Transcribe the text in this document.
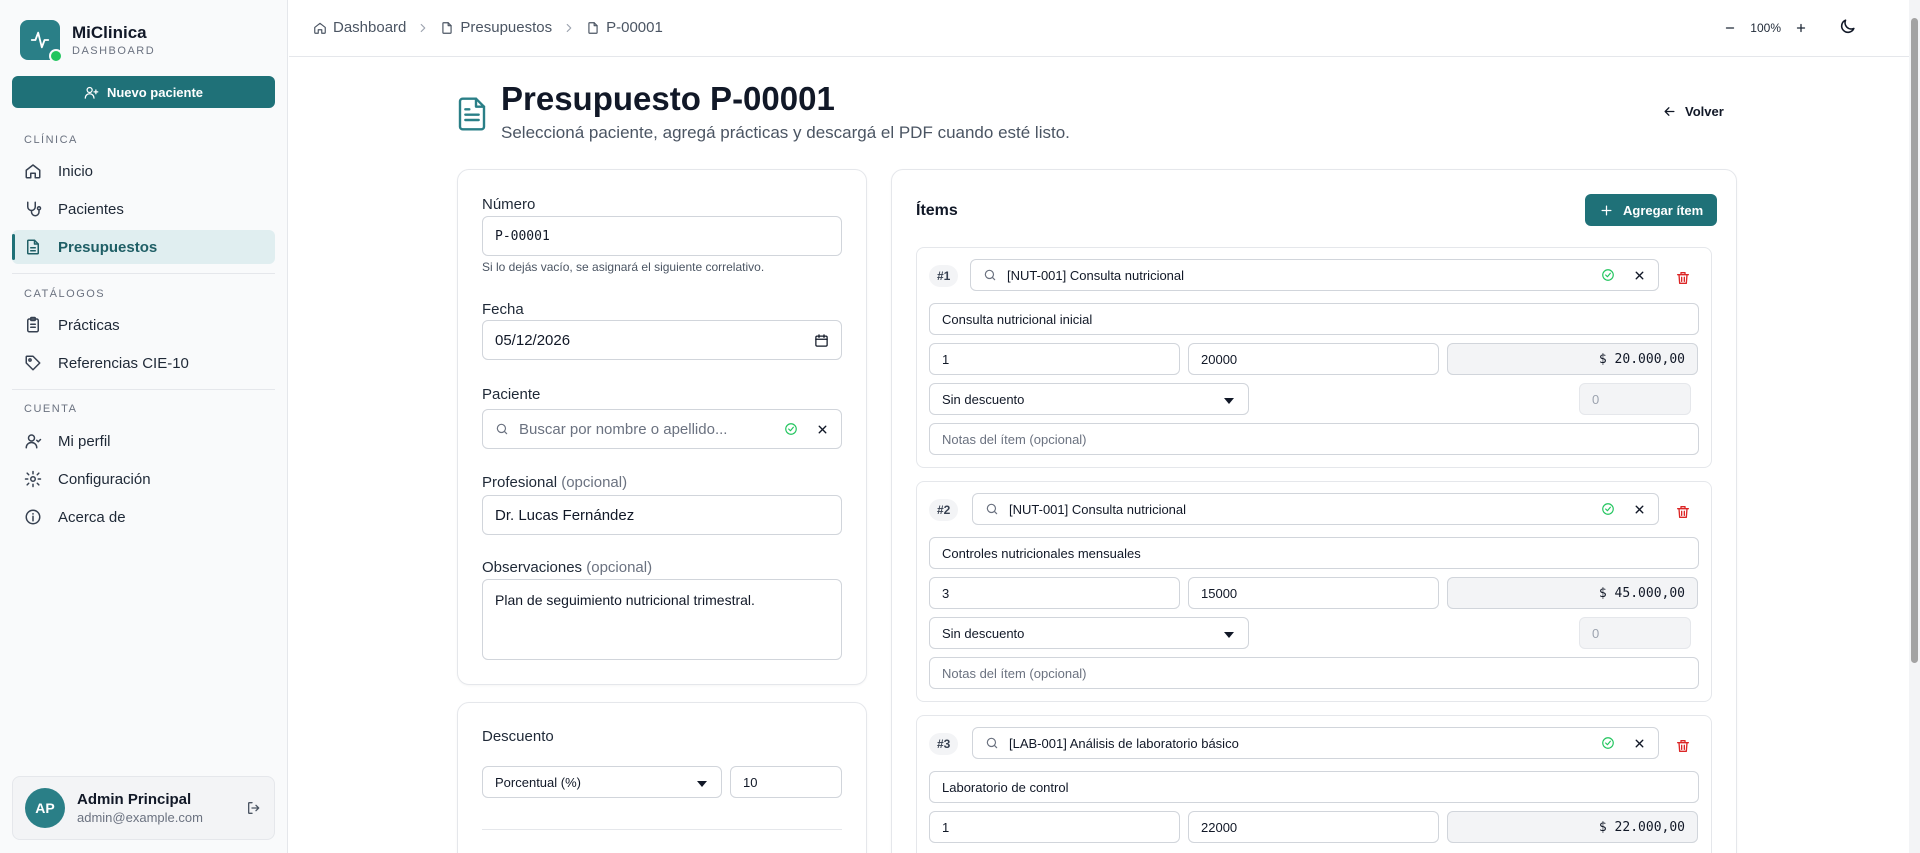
MiClinica
DASHBOARD
Nuevo paciente
CLÍNICA
Inicio
Pacientes
Presupuestos
CATÁLOGOS
Prácticas
Referencias CIE-10
CUENTA
Mi perfil
Configuración
Acerca de
AP	Admin Principal
admin@example.com
Dashboard	Presupuestos	P-00001	100%
Presupuesto P-00001

Seleccioná paciente, agregá prácticas y descargá el PDF cuando esté listo.

Volver
Número
P-00001
Si lo dejás vacío, se asignará el siguiente correlativo.
Fecha
05/12/2026
Paciente
Buscar por nombre o apellido...
Profesional (opcional)
Dr. Lucas Fernández
Observaciones (opcional)
Plan de seguimiento nutricional trimestral.
Descuento
Porcentual (%)	10
Ítems	Agregar ítem
#1	[NUT-001] Consulta nutricional
Consulta nutricional inicial
1	20000	$ 20.000,00
Sin descuento	0
Notas del ítem (opcional)
#2	[NUT-001] Consulta nutricional
Controles nutricionales mensuales
3	15000	$ 45.000,00
Sin descuento	0
Notas del ítem (opcional)
#3	[LAB-001] Análisis de laboratorio básico
Laboratorio de control
1	22000	$ 22.000,00
